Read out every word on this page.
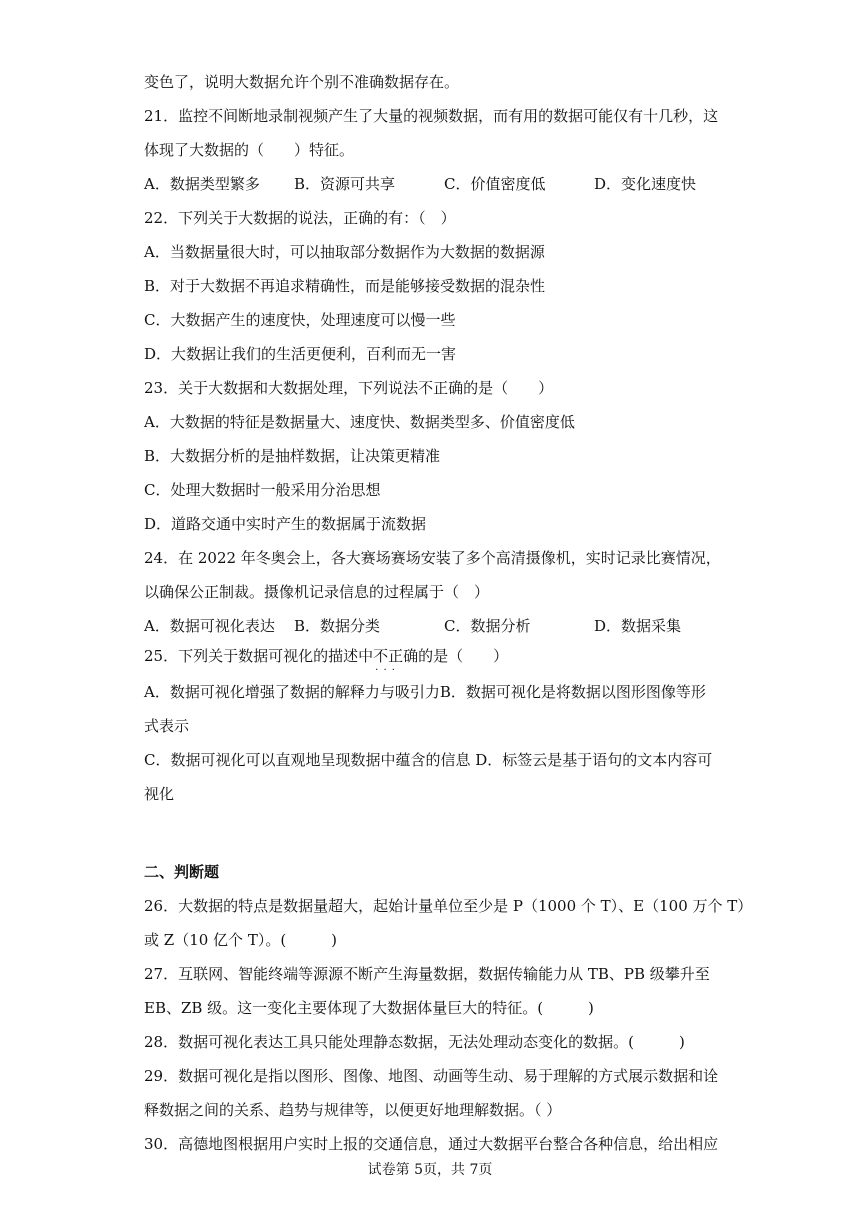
变色了，说明大数据允许个别不准确数据存在。
21．监控不间断地录制视频产生了大量的视频数据，而有用的数据可能仅有十几秒，这
体现了大数据的（　　）特征。
A．数据类型繁多 B．资源可共享	C．价值密度低	D．变化速度快
22．下列关于大数据的说法，正确的有：（　）
A．当数据量很大时，可以抽取部分数据作为大数据的数据源
B．对于大数据不再追求精确性，而是能够接受数据的混杂性
C．大数据产生的速度快，处理速度可以慢一些
D．大数据让我们的生活更便利，百利而无一害
23．关于大数据和大数据处理，下列说法不正确的是（　　）
A．大数据的特征是数据量大、速度快、数据类型多、价值密度低
B．大数据分析的是抽样数据，让决策更精准
C．处理大数据时一般采用分治思想
D．道路交通中实时产生的数据属于流数据
24．在 2022 年冬奥会上，各大赛场赛场安装了多个高清摄像机，实时记录比赛情况，
以确保公正制裁。摄像机记录信息的过程属于（　）
A．数据可视化表达 B．数据分类	C．数据分析	D．数据采集
25．下列关于数据可视化的描述中不正确 · · ·的是（　　）
A．数据可视化增强了数据的解释力与吸引力B．数据可视化是将数据以图形图像等形
式表示
C．数据可视化可以直观地呈现数据中蕴含的信息 D．标签云是基于语句的文本内容可
视化
二、判断题
26．大数据的特点是数据量超大，起始计量单位至少是 P（1000 个 T）、E（100 万个 T）
或 Z（10 亿个 T）。(　　　)
27．互联网、智能终端等源源不断产生海量数据，数据传输能力从 TB、PB 级攀升至
EB、ZB 级。这一变化主要体现了大数据体量巨大的特征。(　　　)
28．数据可视化表达工具只能处理静态数据，无法处理动态变化的数据。(　　　)
29．数据可视化是指以图形、图像、地图、动画等生动、易于理解的方式展示数据和诠
释数据之间的关系、趋势与规律等，以便更好地理解数据。（ ）
30．高德地图根据用户实时上报的交通信息，通过大数据平台整合各种信息，给出相应
试卷第 5页，共 7页
